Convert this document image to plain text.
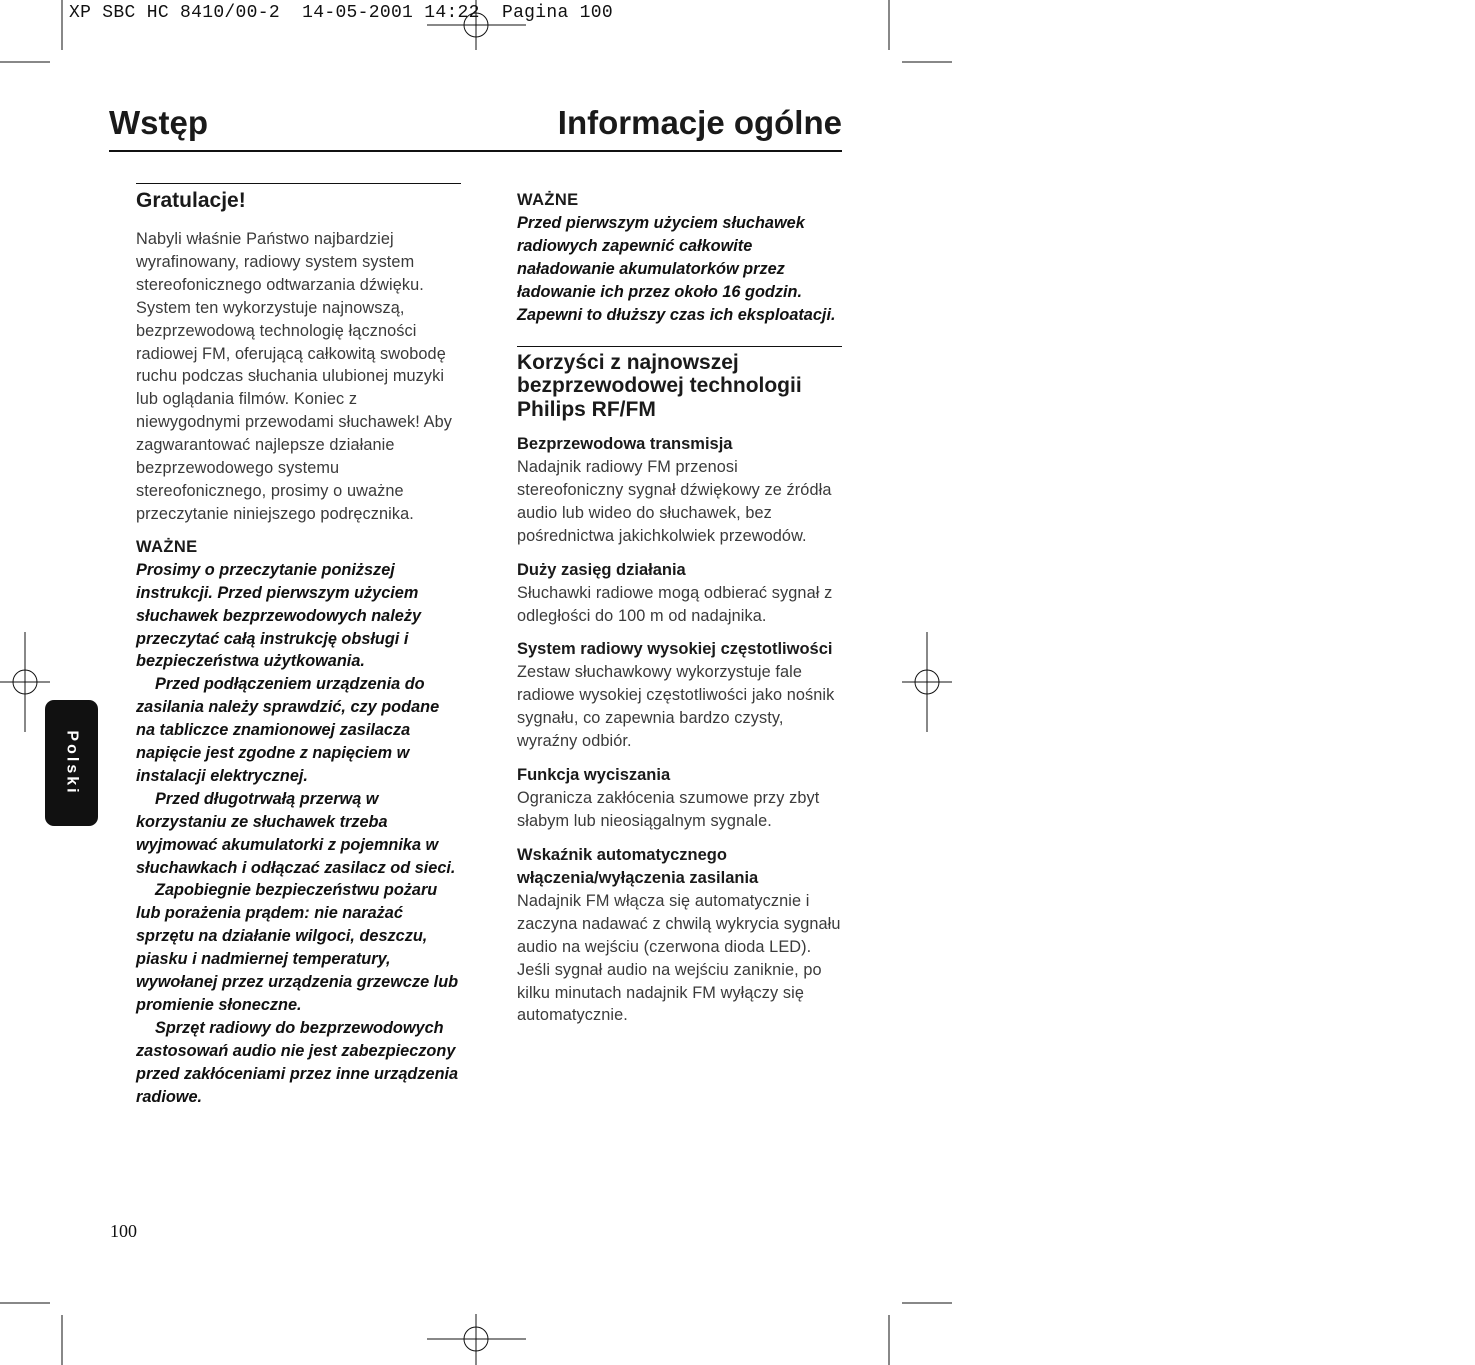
XP SBC HC 8410/00-2  14-05-2001 14:22  Pagina 100
Wstęp	Informacje ogólne
Polski
Gratulacje!
Nabyli właśnie Państwo najbardziej wyrafinowany, radiowy system system stereofonicznego odtwarzania dźwięku. System ten wykorzystuje najnowszą, bezprzewodową technologię łączności radiowej FM, oferującą całkowitą swobodę ruchu podczas słuchania ulubionej muzyki lub oglądania filmów. Koniec z niewygodnymi przewodami słuchawek! Aby zagwarantować najlepsze działanie bezprzewodowego systemu stereofonicznego, prosimy o uważne przeczytanie niniejszego podręcznika.
WAŻNE

Prosimy o przeczytanie poniższej instrukcji. Przed pierwszym użyciem słuchawek bezprzewodowych należy przeczytać całą instrukcję obsługi i bezpieczeństwa użytkowania.

Przed podłączeniem urządzenia do zasilania należy sprawdzić, czy podane na tabliczce znamionowej zasilacza napięcie jest zgodne z napięciem w instalacji elektrycznej.

Przed długotrwałą przerwą w korzystaniu ze słuchawek trzeba wyjmować akumulatorki z pojemnika w słuchawkach i odłączać zasilacz od sieci.

Zapobiegnie bezpieczeństwu pożaru lub porażenia prądem: nie narażać sprzętu na działanie wilgoci, deszczu, piasku i nadmiernej temperatury, wywołanej przez urządzenia grzewcze lub promienie słoneczne.

Sprzęt radiowy do bezprzewodowych zastosowań audio nie jest zabezpieczony przed zakłóceniami przez inne urządzenia radiowe.

WAŻNE
Przed pierwszym użyciem słuchawek radiowych zapewnić całkowite naładowanie akumulatorków przez ładowanie ich przez około 16 godzin. Zapewni to dłuższy czas ich eksploatacji.
Korzyści z najnowszej bezprzewodowej technologii Philips RF/FM
Bezprzewodowa transmisja
Nadajnik radiowy FM przenosi stereofoniczny sygnał dźwiękowy ze źródła audio lub wideo do słuchawek, bez pośrednictwa jakichkolwiek przewodów.
Duży zasięg działania
Słuchawki radiowe mogą odbierać sygnał z odległości do 100 m od nadajnika.
System radiowy wysokiej częstotliwości
Zestaw słuchawkowy wykorzystuje fale radiowe wysokiej częstotliwości jako nośnik sygnału, co zapewnia bardzo czysty, wyraźny odbiór.
Funkcja wyciszania
Ogranicza zakłócenia szumowe przy zbyt słabym lub nieosiągalnym sygnale.
Wskaźnik automatycznego włączenia/wyłączenia zasilania
Nadajnik FM włącza się automatycznie i zaczyna nadawać z chwilą wykrycia sygnału audio na wejściu (czerwona dioda LED). Jeśli sygnał audio na wejściu zaniknie, po kilku minutach nadajnik FM wyłączy się automatycznie.
100
